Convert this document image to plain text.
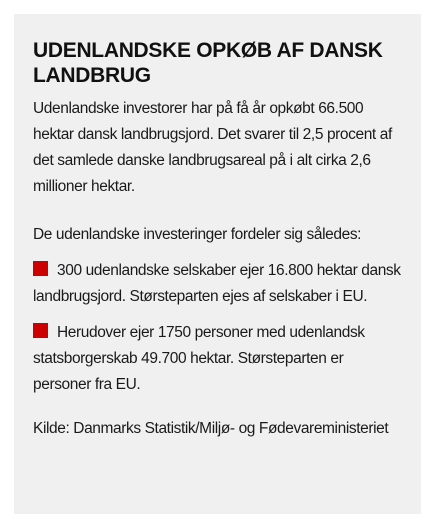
UDENLANDSKE OPKØB AF DANSK LANDBRUG

Udenlandske investorer har på få år opkøbt 66.500 hektar dansk landbrugsjord. Det svarer til 2,5 procent af det samlede danske landbrugsareal på i alt cirka 2,6 millioner hektar.

De udenlandske investeringer fordeler sig således:

300 udenlandske selskaber ejer 16.800 hektar dansk landbrugsjord. Størsteparten ejes af selskaber i EU.

Herudover ejer 1750 personer med udenlandsk statsborgerskab 49.700 hektar. Størsteparten er personer fra EU.

Kilde: Danmarks Statistik/Miljø- og Fødevareministeriet
